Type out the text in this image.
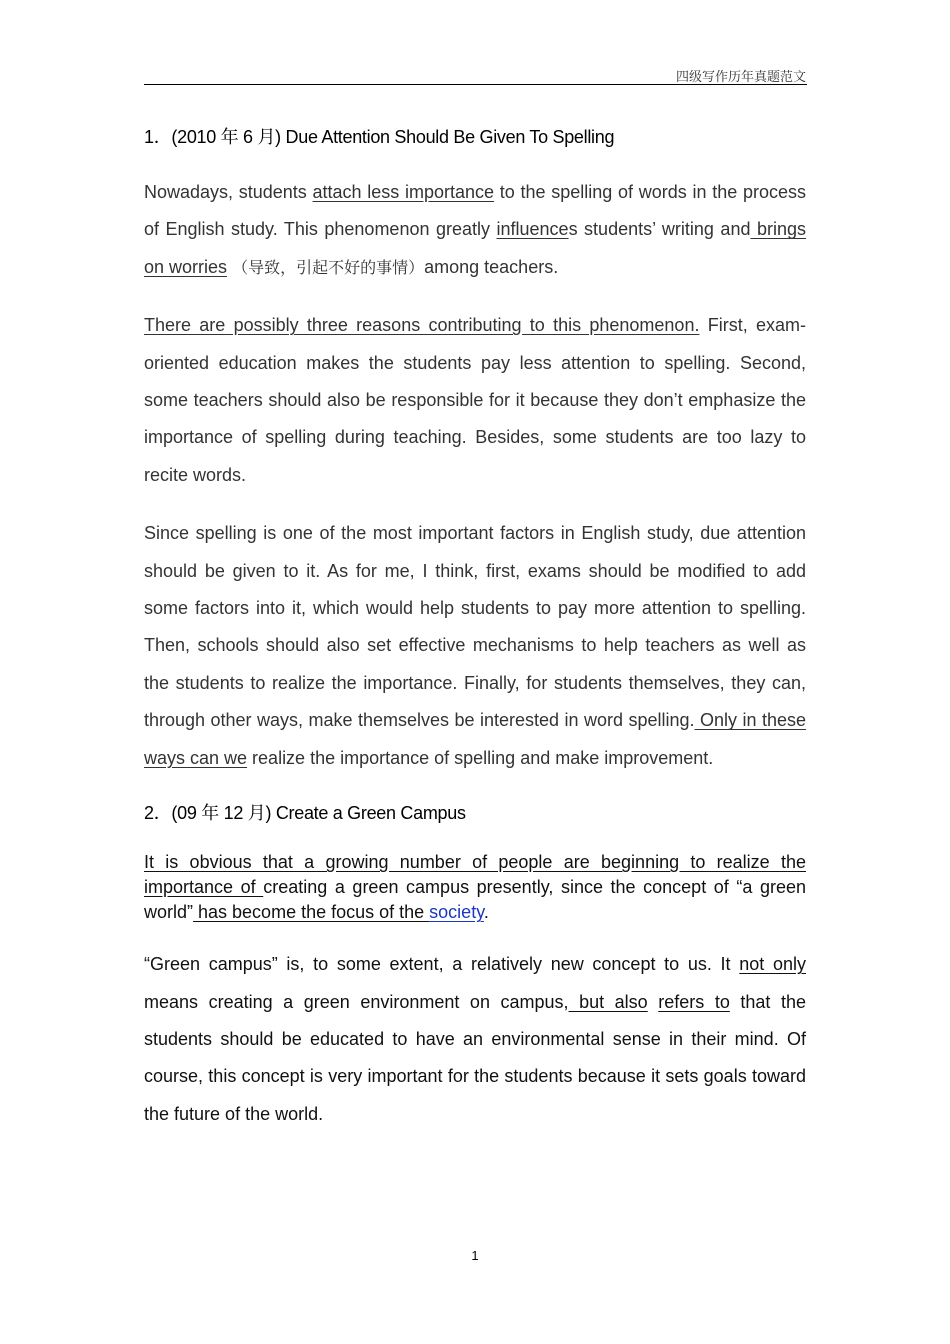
四级写作历年真题范文
1．(2010 年 6 月) Due Attention Should Be Given To Spelling

Nowadays, students attach less importance to the spelling of words in the process of English study. This phenomenon greatly influences students’ writing and brings on worries （导致，引起不好的事情）among teachers.

There are possibly three reasons contributing to this phenomenon. First, exam-oriented education makes the students pay less attention to spelling. Second, some teachers should also be responsible for it because they don’t emphasize the importance of spelling during teaching. Besides, some students are too lazy to recite words.

Since spelling is one of the most important factors in English study, due attention should be given to it. As for me, I think, first, exams should be modified to add some factors into it, which would help students to pay more attention to spelling. Then, schools should also set effective mechanisms to help teachers as well as the students to realize the importance. Finally, for students themselves, they can, through other ways, make themselves be interested in word spelling. Only in these ways can we realize the importance of spelling and make improvement.

2．(09 年 12 月) Create a Green Campus

It is obvious that a growing number of people are beginning to realize the importance of creating a green campus presently, since the concept of “a green world” has become the focus of the society.

“Green campus” is, to some extent, a relatively new concept to us. It not only means creating a green environment on campus, but also refers to that the students should be educated to have an environmental sense in their mind. Of course, this concept is very important for the students because it sets goals toward the future of the world.

1
